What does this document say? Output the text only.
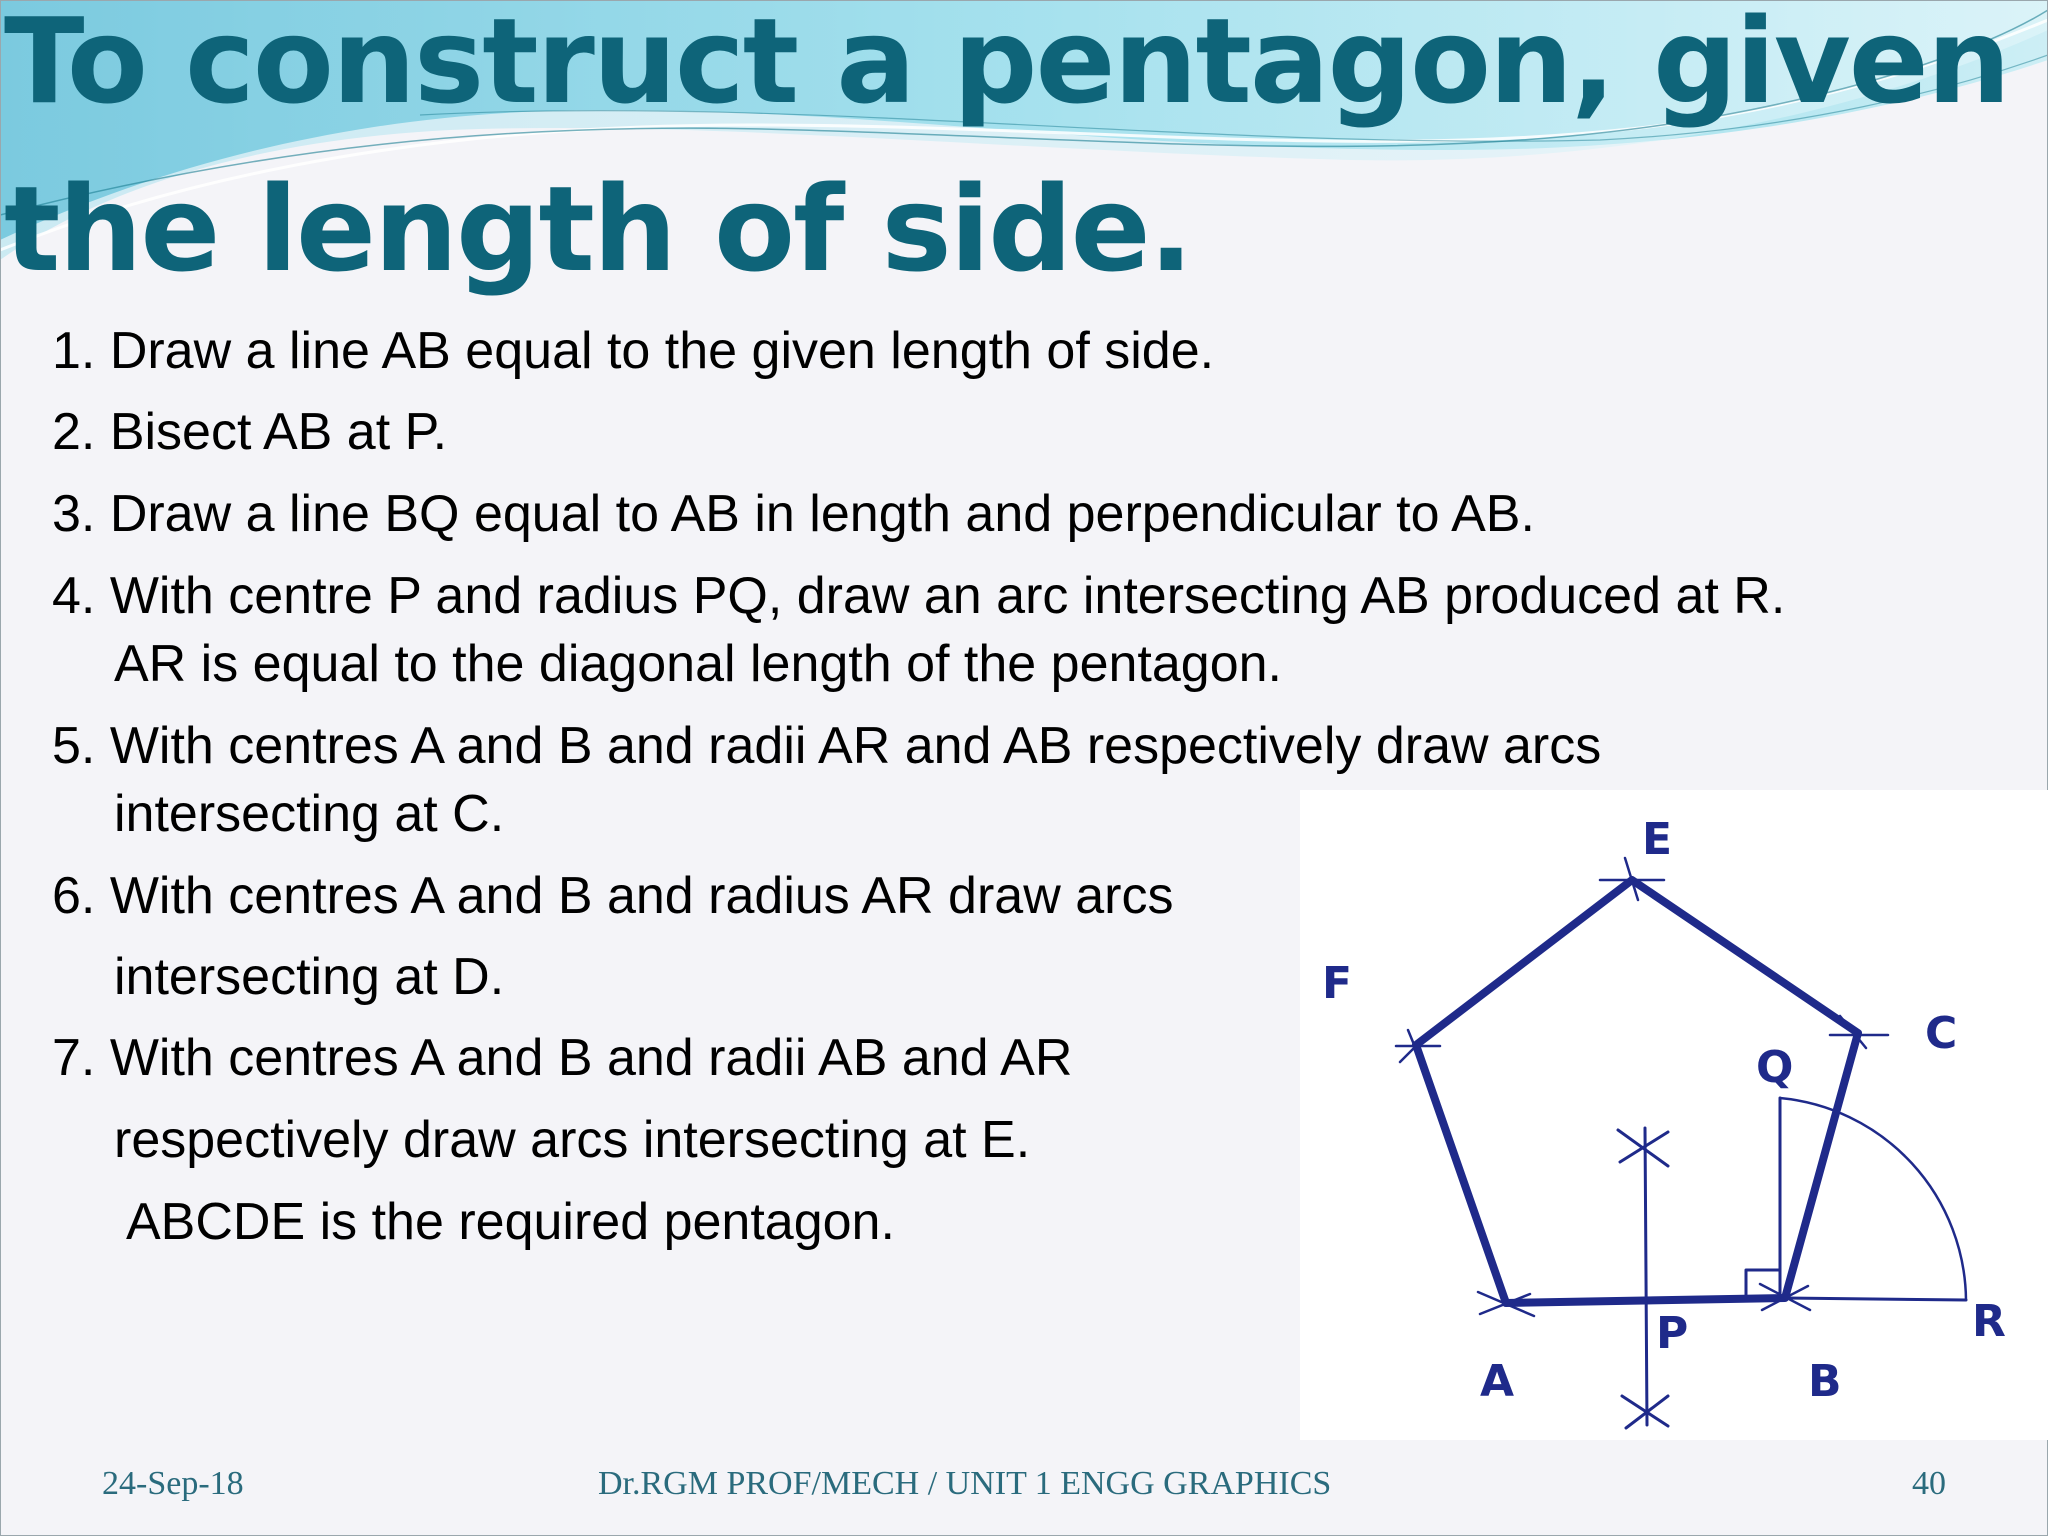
To construct a pentagon, given
the length of side.
1. Draw a line AB equal to the given length of side.
2. Bisect AB at P.
3. Draw a line BQ equal to AB in length and perpendicular to AB.
4. With centre P and radius PQ, draw an arc intersecting AB produced at R.
AR is equal to the diagonal length of the pentagon.
5. With centres A and B and radii AR and AB respectively draw arcs
intersecting at C.
6. With centres A and B and radius AR draw arcs
intersecting at D.
7. With centres A and B and radii AB and AR
respectively draw arcs intersecting at E.
ABCDE is the required pentagon.
E
F
C
Q
P	R
A	B
24-Sep-18	Dr.RGM PROF/MECH / UNIT 1 ENGG GRAPHICS	40
